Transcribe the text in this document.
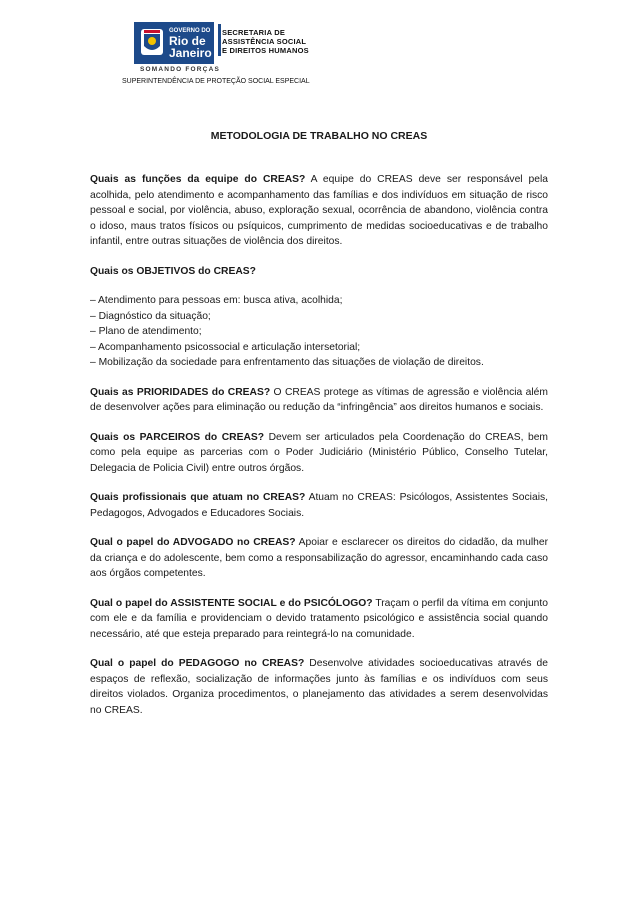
GOVERNO DO
Rio de
Janeiro
SECRETARIA DE
ASSISTÊNCIA SOCIAL
E DIREITOS HUMANOS
SOMANDO FORÇAS
SUPERINTENDÊNCIA DE PROTEÇÃO SOCIAL ESPECIAL
METODOLOGIA DE TRABALHO NO CREAS

Quais as funções da equipe do CREAS? A equipe do CREAS deve ser responsável pela acolhida, pelo atendimento e acompanhamento das famílias e dos indivíduos em situação de risco pessoal e social, por violência, abuso, exploração sexual, ocorrência de abandono, violência contra o idoso, maus tratos físicos ou psíquicos, cumprimento de medidas socioeducativas e de trabalho infantil, entre outras situações de violência dos direitos.

Quais os OBJETIVOS do CREAS?

– Atendimento para pessoas em: busca ativa, acolhida;
– Diagnóstico da situação;
– Plano de atendimento;
– Acompanhamento psicossocial e articulação intersetorial;
– Mobilização da sociedade para enfrentamento das situações de violação de direitos.

Quais as PRIORIDADES do CREAS? O CREAS protege as vítimas de agressão e violência além de desenvolver ações para eliminação ou redução da “infringência” aos direitos humanos e sociais.

Quais os PARCEIROS do CREAS? Devem ser articulados pela Coordenação do CREAS, bem como pela equipe as parcerias com o Poder Judiciário (Ministério Público, Conselho Tutelar, Delegacia de Policia Civil) entre outros órgãos.

Quais profissionais que atuam no CREAS? Atuam no CREAS: Psicólogos, Assistentes Sociais, Pedagogos, Advogados e Educadores Sociais.

Qual o papel do ADVOGADO no CREAS? Apoiar e esclarecer os direitos do cidadão, da mulher da criança e do adolescente, bem como a responsabilização do agressor, encaminhando cada caso aos órgãos competentes.

Qual o papel do ASSISTENTE SOCIAL e do PSICÓLOGO? Traçam o perfil da vítima em conjunto com ele e da família e providenciam o devido tratamento psicológico e assistência social quando necessário, até que esteja preparado para reintegrá-lo na comunidade.

Qual o papel do PEDAGOGO no CREAS? Desenvolve atividades socioeducativas através de espaços de reflexão, socialização de informações junto às famílias e os indivíduos com seus direitos violados. Organiza procedimentos, o planejamento das atividades a serem desenvolvidas no CREAS.
